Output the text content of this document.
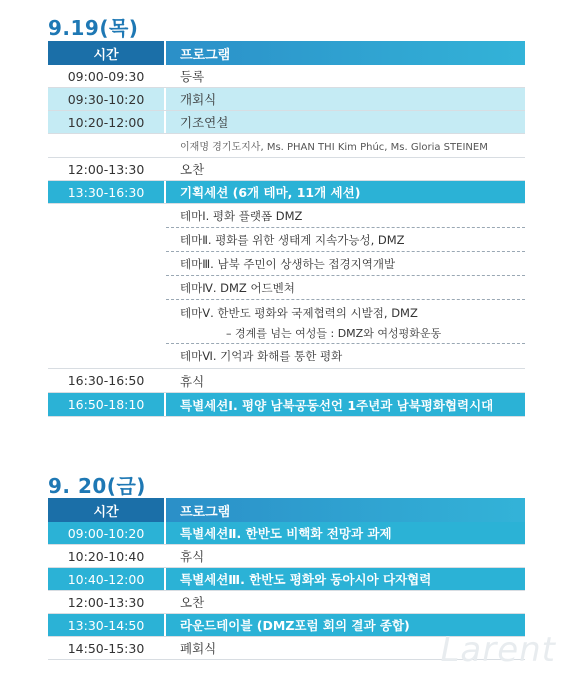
9.19(목)
시간	프로그램
09:00-09:30	등록
09:30-10:20	개회식
10:20-12:00	기조연설
이재명 경기도지사, Ms. PHAN THI Kim Phúc, Ms. Gloria STEINEM
12:00-13:30	오찬
13:30-16:30	기획세션 (6개 테마, 11개 세션)
테마Ⅰ. 평화 플랫폼 DMZ
테마Ⅱ. 평화를 위한 생태계 지속가능성, DMZ
테마Ⅲ. 남북 주민이 상생하는 접경지역개발
테마Ⅳ. DMZ 어드벤쳐
테마Ⅴ. 한반도 평화와 국제협력의 시발점, DMZ
– 경계를 넘는 여성들 : DMZ와 여성평화운동
테마Ⅵ. 기억과 화해를 통한 평화
16:30-16:50	휴식
16:50-18:10	특별세션Ⅰ. 평양 남북공동선언 1주년과 남북평화협력시대
9. 20(금)
시간	프로그램
09:00-10:20	특별세션Ⅱ. 한반도 비핵화 전망과 과제
10:20-10:40	휴식
10:40-12:00	특별세션Ⅲ. 한반도 평화와 동아시아 다자협력
12:00-13:30	오찬
13:30-14:50	라운드테이블 (DMZ포럼 회의 결과 종합)
14:50-15:30	폐회식	Larent
